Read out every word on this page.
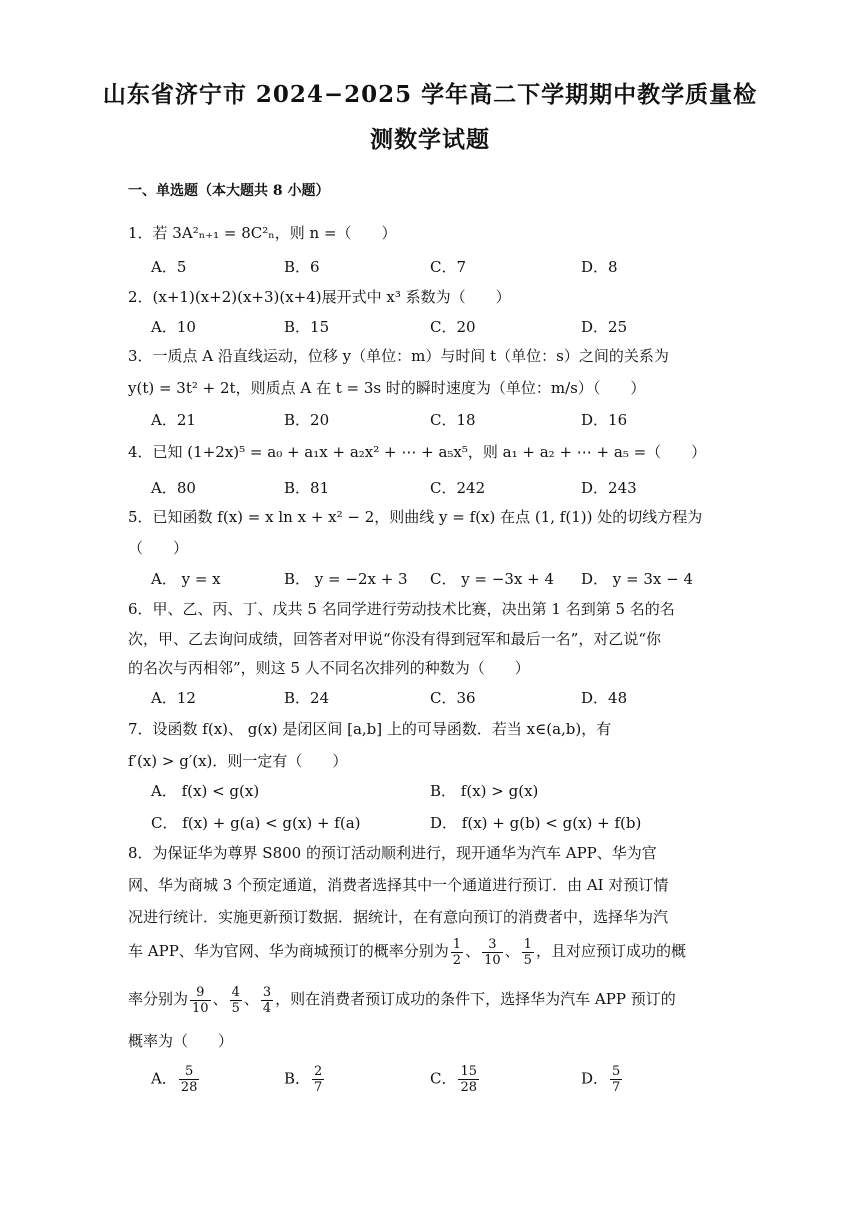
山东省济宁市 2024−2025 学年高二下学期期中教学质量检
测数学试题
一、单选题（本大题共 8 小题）
1．若 3A²ₙ₊₁ = 8C²ₙ，则 n =（　　）
A．5	B．6	C．7	D．8
2．(x+1)(x+2)(x+3)(x+4)展开式中 x³ 系数为（　　）
A．10	B．15	C．20	D．25
3．一质点 A 沿直线运动，位移 y（单位：m）与时间 t（单位：s）之间的关系为
y(t) = 3t² + 2t，则质点 A 在 t = 3s 时的瞬时速度为（单位：m/s）（　　）
A．21	B．20	C．18	D．16
4．已知 (1+2x)⁵ = a₀ + a₁x + a₂x² + ⋯ + a₅x⁵，则 a₁ + a₂ + ⋯ + a₅ =（　　）
A．80	B．81	C．242	D．243
5．已知函数 f(x) = x ln x + x² − 2，则曲线 y = f(x) 在点 (1, f(1)) 处的切线方程为
（　　）
A． y = x	B． y = −2x + 3 C． y = −3x + 4 D． y = 3x − 4
6．甲、乙、丙、丁、戊共 5 名同学进行劳动技术比赛，决出第 1 名到第 5 名的名
次，甲、乙去询问成绩，回答者对甲说“你没有得到冠军和最后一名”，对乙说“你
的名次与丙相邻”，则这 5 人不同名次排列的种数为（　　）
A．12	B．24	C．36	D．48
7．设函数 f(x)、 g(x) 是闭区间 [a,b] 上的可导函数．若当 x∈(a,b)，有
f′(x) > g′(x)．则一定有（　　）
A． f(x) < g(x)	B． f(x) > g(x)
C． f(x) + g(a) < g(x) + f(a)	D． f(x) + g(b) < g(x) + f(b)
8．为保证华为尊界 S800 的预订活动顺利进行，现开通华为汽车 APP、华为官
网、华为商城 3 个预定通道，消费者选择其中一个通道进行预订．由 AI 对预订情
况进行统计．实施更新预订数据．据统计，在有意向预订的消费者中，选择华为汽
车 APP、华为官网、华为商城预订的概率分别为 $\frac{1}{2}$ 、 $\frac{3}{10}$ 、 $\frac{1}{5}$ ，且对应预订成功的概
率分别为 $\frac{9}{10}$ 、 $\frac{4}{5}$ 、 $\frac{3}{4}$ ，则在消费者预订成功的条件下，选择华为汽车 APP 预订的
概率为（　　）
A． $\frac{5}{28}$	B． $\frac{2}{7}$	C． $\frac{15}{28}$	D． $\frac{5}{7}$
